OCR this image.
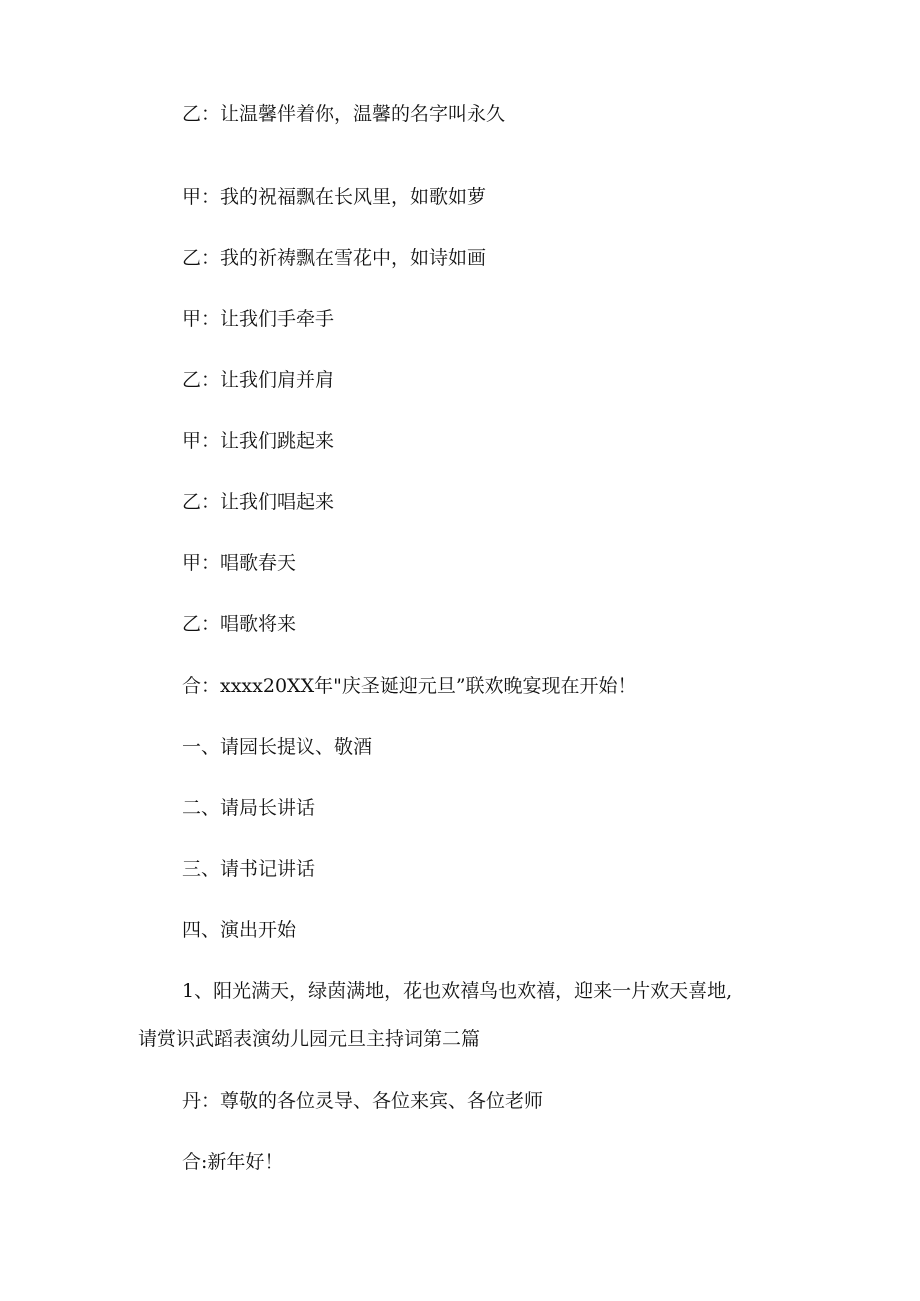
乙：让温馨伴着你，温馨的名字叫永久
甲：我的祝福飘在长风里，如歌如萝
乙：我的祈祷飘在雪花中，如诗如画
甲：让我们手牵手
乙：让我们肩并肩
甲：让我们跳起来
乙：让我们唱起来
甲：唱歌春天
乙：唱歌将来
合：xxxx20XX年"庆圣诞迎元旦”联欢晚宴现在开始！
一、请园长提议、敬酒
二、请局长讲话
三、请书记讲话
四、演出开始
1、阳光满天，绿茵满地，花也欢禧鸟也欢禧，迎来一片欢天喜地,
请赏识武蹈表演幼儿园元旦主持词第二篇
丹：尊敬的各位灵导、各位来宾、各位老师
合:新年好！
